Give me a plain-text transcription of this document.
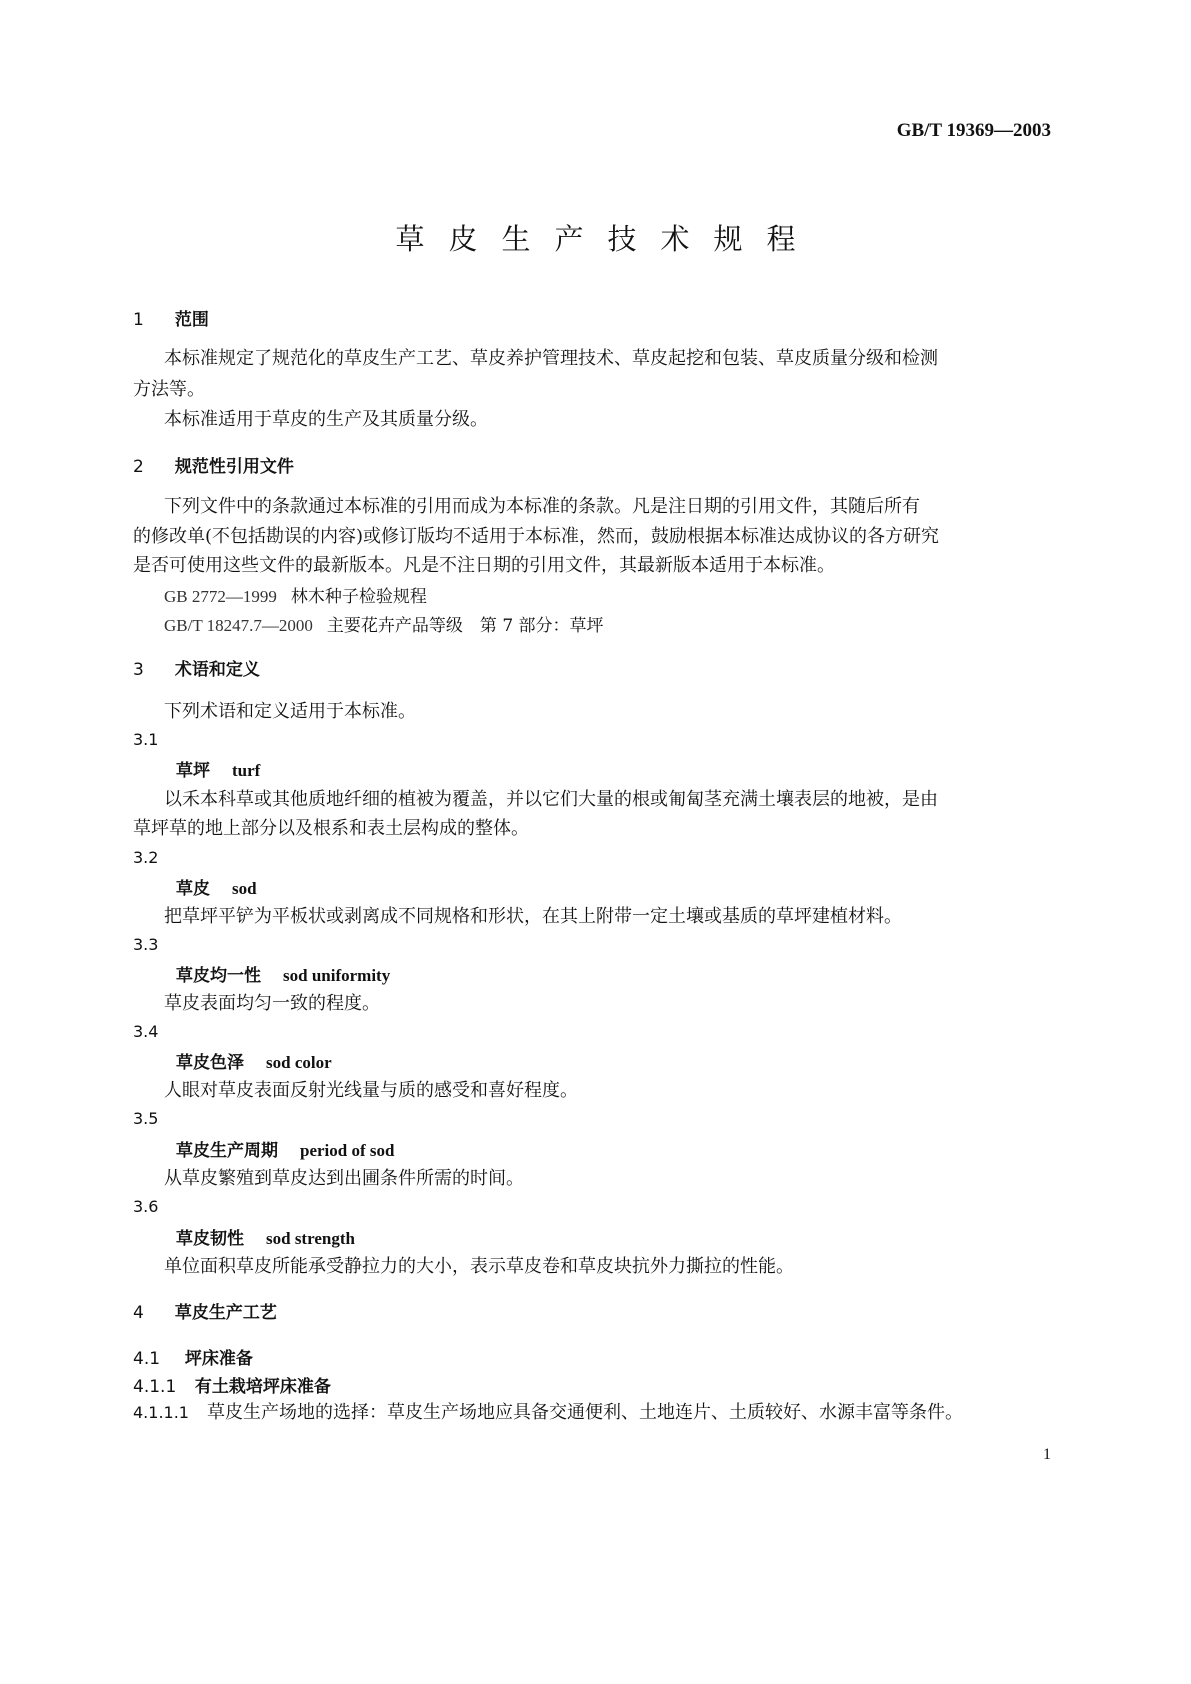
GB/T 19369—2003
草皮生产技术规程
1 范围
本标准规定了规范化的草皮生产工艺、草皮养护管理技术、草皮起挖和包装、草皮质量分级和检测
方法等。
本标准适用于草皮的生产及其质量分级。
2 规范性引用文件
下列文件中的条款通过本标准的引用而成为本标准的条款。凡是注日期的引用文件，其随后所有
的修改单(不包括勘误的内容)或修订版均不适用于本标准，然而，鼓励根据本标准达成协议的各方研究
是否可使用这些文件的最新版本。凡是不注日期的引用文件，其最新版本适用于本标准。
GB 2772—1999 林木种子检验规程
GB/T 18247.7—2000 主要花卉产品等级　第 7 部分：草坪
3 术语和定义
下列术语和定义适用于本标准。
3.1
草坪 turf
以禾本科草或其他质地纤细的植被为覆盖，并以它们大量的根或匍匐茎充满土壤表层的地被，是由
草坪草的地上部分以及根系和表土层构成的整体。
3.2
草皮 sod
把草坪平铲为平板状或剥离成不同规格和形状，在其上附带一定土壤或基质的草坪建植材料。
3.3
草皮均一性 sod uniformity
草皮表面均匀一致的程度。
3.4
草皮色泽 sod color
人眼对草皮表面反射光线量与质的感受和喜好程度。
3.5
草皮生产周期 period of sod
从草皮繁殖到草皮达到出圃条件所需的时间。
3.6
草皮韧性 sod strength
单位面积草皮所能承受静拉力的大小，表示草皮卷和草皮块抗外力撕拉的性能。
4 草皮生产工艺
4.1 坪床准备
4.1.1 有土栽培坪床准备
4.1.1.1 草皮生产场地的选择：草皮生产场地应具备交通便利、土地连片、土质较好、水源丰富等条件。
1
